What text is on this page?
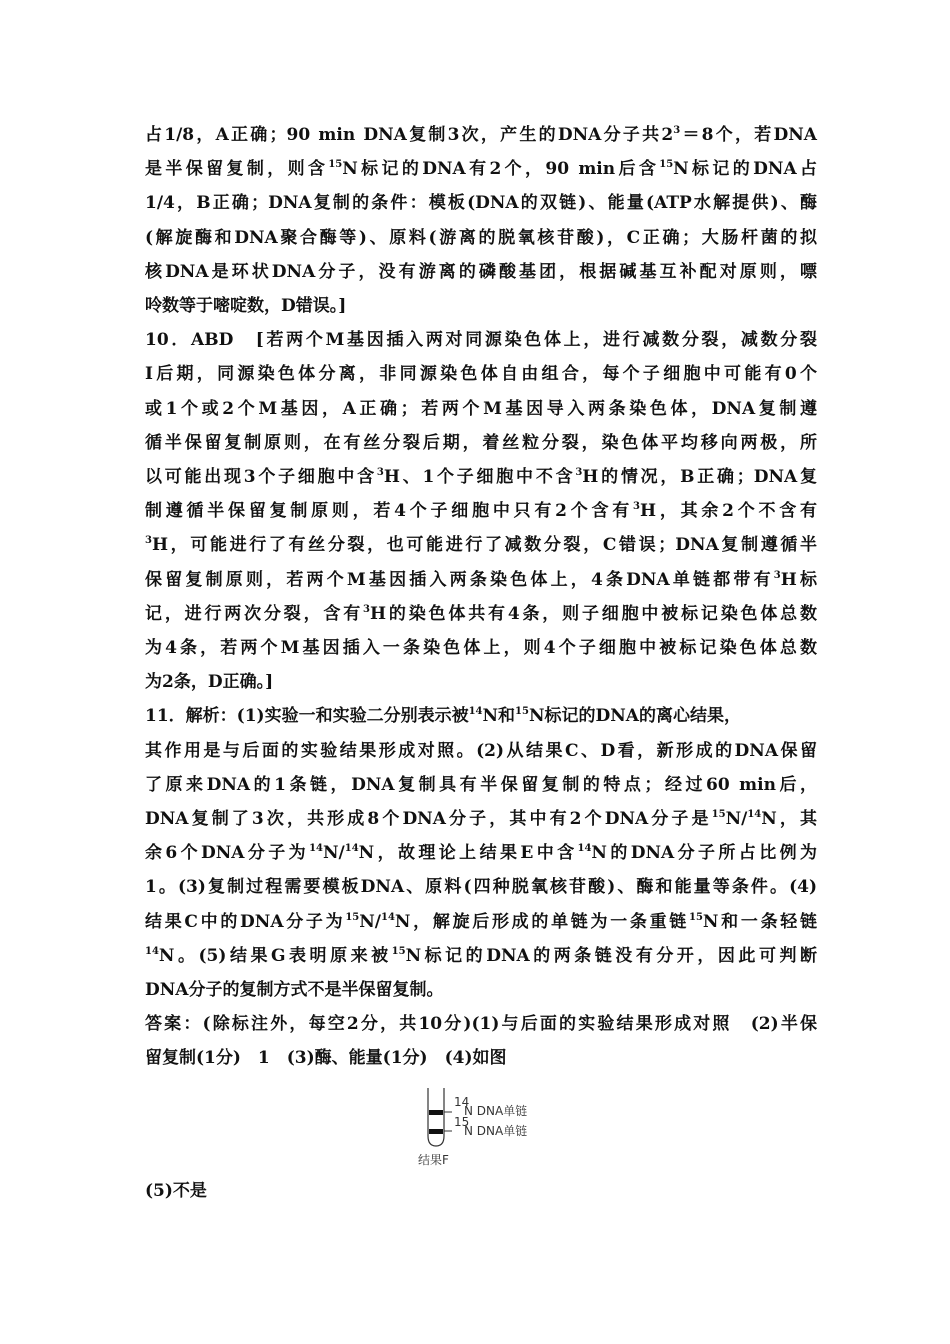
占1/8，A正确；90 min DNA复制3次，产生的DNA分子共$2^3=8$个，若DNA
是半保留复制，则含$^{15}$N标记的DNA有2个，90 min后含$^{15}$N标记的DNA占
1/4，B正确；DNA复制的条件：模板(DNA的双链)、能量(ATP水解提供)、酶
(解旋酶和DNA聚合酶等)、原料(游离的脱氧核苷酸)，C正确；大肠杆菌的拟
核DNA是环状DNA分子，没有游离的磷酸基团，根据碱基互补配对原则，嘌
呤数等于嘧啶数，D错误。]
10．ABD　[若两个M基因插入两对同源染色体上，进行减数分裂，减数分裂
Ⅰ后期，同源染色体分离，非同源染色体自由组合，每个子细胞中可能有0个
或1个或2个M基因，A正确；若两个M基因导入两条染色体，DNA复制遵
循半保留复制原则，在有丝分裂后期，着丝粒分裂，染色体平均移向两极，所
以可能出现3个子细胞中含$^3$H、1个子细胞中不含$^3$H的情况，B正确；DNA复
制遵循半保留复制原则，若4个子细胞中只有2个含有$^3$H，其余2个不含有
$^3$H，可能进行了有丝分裂，也可能进行了减数分裂，C错误；DNA复制遵循半
保留复制原则，若两个M基因插入两条染色体上，4条DNA单链都带有$^3$H标
记，进行两次分裂，含有$^3$H的染色体共有4条，则子细胞中被标记染色体总数
为4条，若两个M基因插入一条染色体上，则4个子细胞中被标记染色体总数
为2条，D正确。]
11．解析：(1)实验一和实验二分别表示被$^{14}$N和$^{15}$N标记的DNA的离心结果，
其作用是与后面的实验结果形成对照。(2)从结果C、D看，新形成的DNA保留
了原来DNA的1条链，DNA复制具有半保留复制的特点；经过60 min后，
DNA复制了3次，共形成8个DNA分子，其中有2个DNA分子是$^{15}$N/$^{14}$N，其
余6个DNA分子为$^{14}$N/$^{14}$N，故理论上结果E中含$^{14}$N的DNA分子所占比例为
1。(3)复制过程需要模板DNA、原料(四种脱氧核苷酸)、酶和能量等条件。(4)
结果C中的DNA分子为$^{15}$N/$^{14}$N，解旋后形成的单链为一条重链$^{15}$N和一条轻链
$^{14}$N。(5)结果G表明原来被$^{15}$N标记的DNA的两条链没有分开，因此可判断
DNA分子的复制方式不是半保留复制。
答案：(除标注外，每空2分，共10分)(1)与后面的实验结果形成对照　(2)半保
留复制(1分)　1　(3)酶、能量(1分)　(4)如图
14
N DNA单链
15
N DNA单链
结果F
(5)不是
